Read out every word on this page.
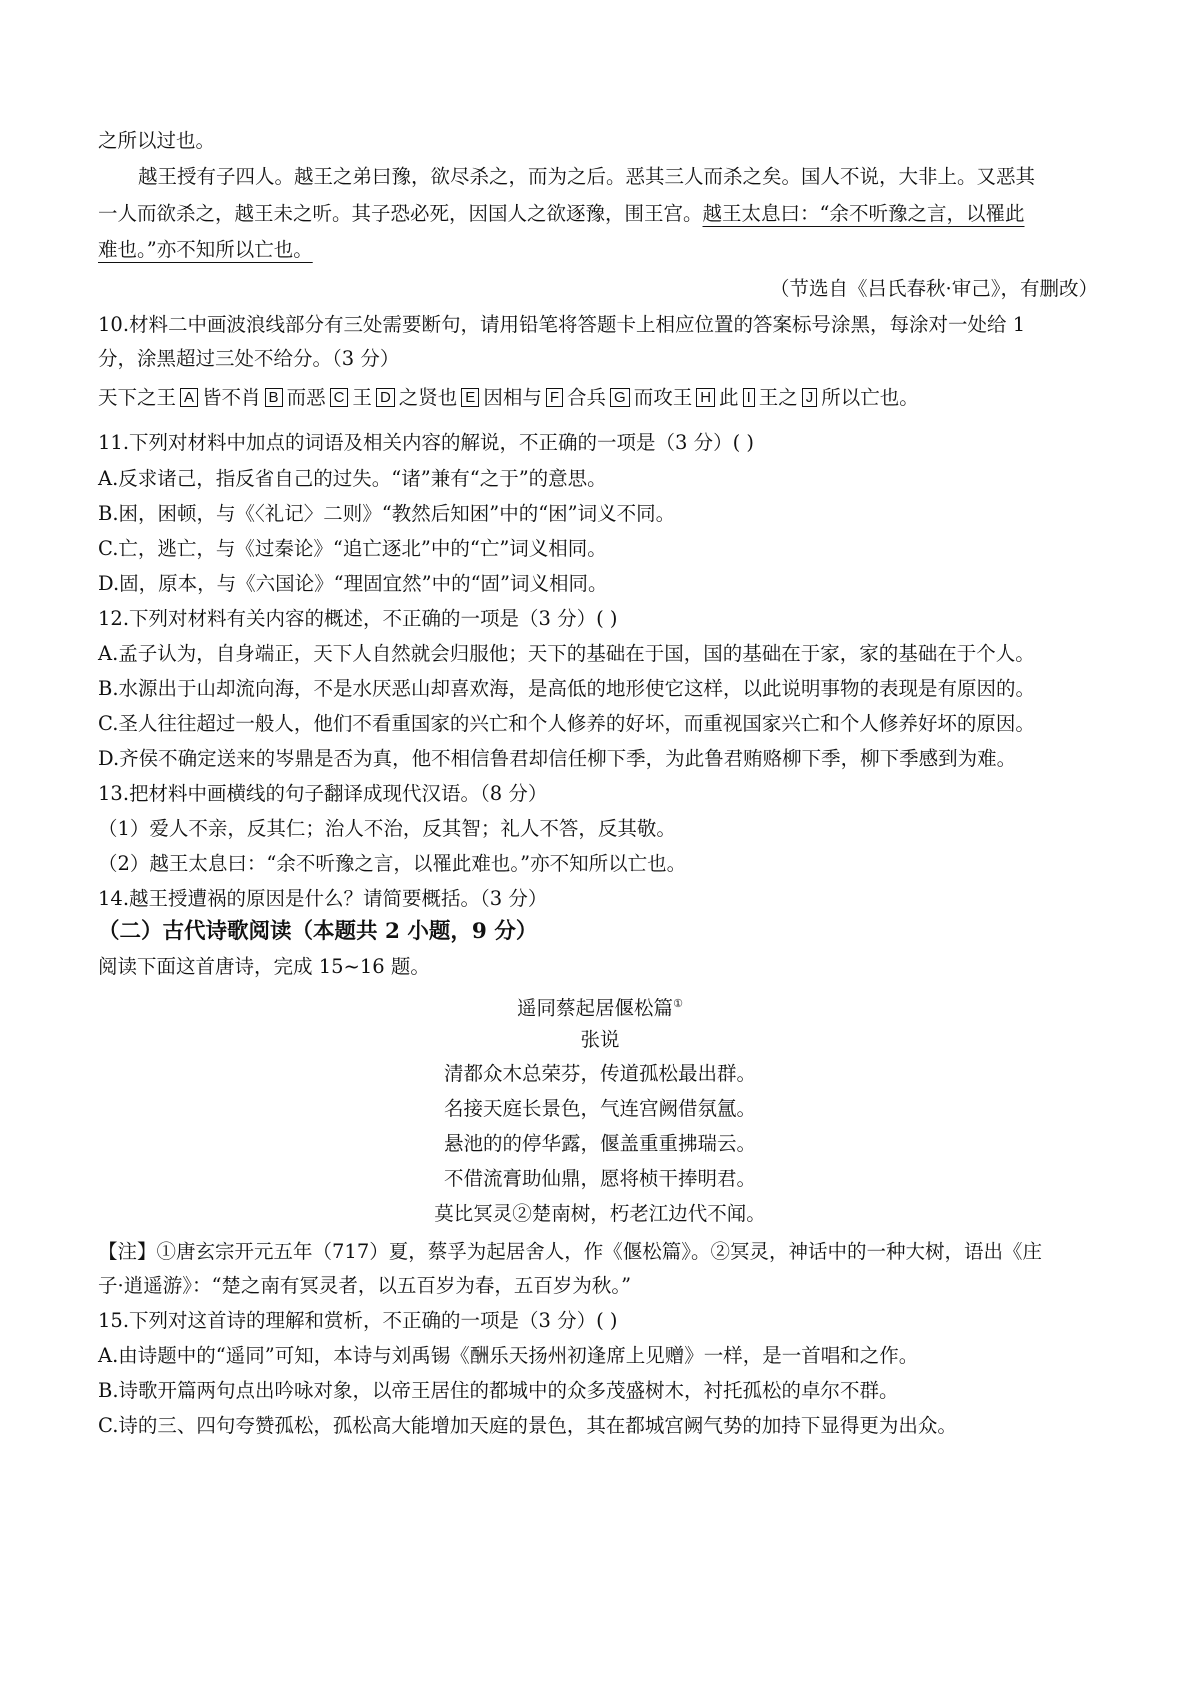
之所以过也。
越王授有子四人。越王之弟曰豫，欲尽杀之，而为之后。恶其三人而杀之矣。国人不说，大非上。又恶其
一人而欲杀之，越王未之听。其子恐必死，因国人之欲逐豫，围王宫。越王太息曰：“余不听豫之言，以罹此
难也。”亦不知所以亡也。
（节选自《吕氏春秋·审己》，有删改）
10.材料二中画波浪线部分有三处需要断句，请用铅笔将答题卡上相应位置的答案标号涂黑，每涂对一处给 1
分，涂黑超过三处不给分。（3 分）
天下之王 A 皆不肖 B 而恶 C 王 D 之贤也 E 因相与 F 合兵 G 而攻王 H 此 I 王之 J 所以亡也。
11.下列对材料中加点的词语及相关内容的解说，不正确的一项是（3 分）( )
A.反求诸己，指反省自己的过失。“诸”兼有“之于”的意思。
B.困，困顿，与《〈礼记〉二则》“教然后知困”中的“困”词义不同。
C.亡，逃亡，与《过秦论》“追亡逐北”中的“亡”词义相同。
D.固，原本，与《六国论》“理固宜然”中的“固”词义相同。
12.下列对材料有关内容的概述，不正确的一项是（3 分）( )
A.孟子认为，自身端正，天下人自然就会归服他；天下的基础在于国，国的基础在于家，家的基础在于个人。
B.水源出于山却流向海，不是水厌恶山却喜欢海，是高低的地形使它这样，以此说明事物的表现是有原因的。
C.圣人往往超过一般人，他们不看重国家的兴亡和个人修养的好坏，而重视国家兴亡和个人修养好坏的原因。
D.齐侯不确定送来的岑鼎是否为真，他不相信鲁君却信任柳下季，为此鲁君贿赂柳下季，柳下季感到为难。
13.把材料中画横线的句子翻译成现代汉语。（8 分）
（1）爱人不亲，反其仁；治人不治，反其智；礼人不答，反其敬。
（2）越王太息曰：“余不听豫之言，以罹此难也。”亦不知所以亡也。
14.越王授遭祸的原因是什么？请简要概括。（3 分）
（二）古代诗歌阅读（本题共 2 小题，9 分）
阅读下面这首唐诗，完成 15~16 题。
遥同蔡起居偃松篇①
张说
清都众木总荣芬，传道孤松最出群。
名接天庭长景色，气连宫阙借氛氲。
悬池的的停华露，偃盖重重拂瑞云。
不借流膏助仙鼎，愿将桢干捧明君。
莫比冥灵②楚南树，朽老江边代不闻。
【注】①唐玄宗开元五年（717）夏，蔡孚为起居舍人，作《偃松篇》。②冥灵，神话中的一种大树，语出《庄
子·逍遥游》：“楚之南有冥灵者，以五百岁为春，五百岁为秋。”
15.下列对这首诗的理解和赏析，不正确的一项是（3 分）( )
A.由诗题中的“遥同”可知，本诗与刘禹锡《酬乐天扬州初逢席上见赠》一样，是一首唱和之作。
B.诗歌开篇两句点出吟咏对象，以帝王居住的都城中的众多茂盛树木，衬托孤松的卓尔不群。
C.诗的三、四句夸赞孤松，孤松高大能增加天庭的景色，其在都城宫阙气势的加持下显得更为出众。
